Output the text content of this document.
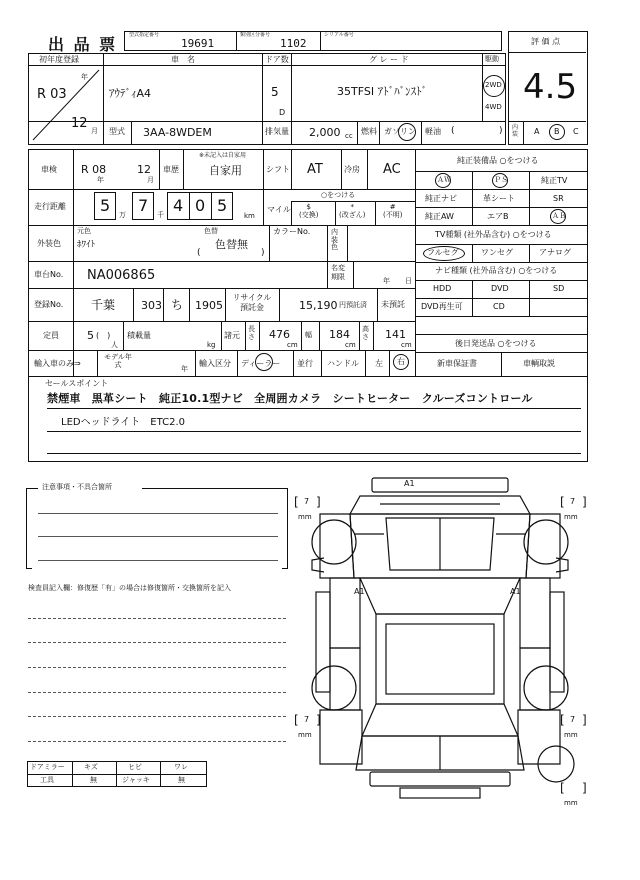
出 品 票 型式指定番号
19691
類別区分番号
1102
シリアル番号
初年度登録
R 03
年
12 月
車　名
ｱｳﾃﾞｨA4
ドア数
5
D
グ レ ー ド
35TFSI ｱﾄﾞﾊﾞﾝｽﾄﾞ
駆動
2WD
4WD
型式 3AA-8WDEM	排気量 2,000 cc 燃料 ガソリン 軽油 (	)
評 価 点
4.5
内装 A B C
車検 R 08
年
12
月
車歴
※未記入は自家用
自家用	シフト AT	冷房 AC
走行距離 5 万 7 千 4 0 5
km
マイル
○をつける
$
(交換)
*
(改ざん)
#
(不明)
外装色
元色
ﾎﾜｲﾄ
色替
色替無
(	)
カラーNo.	内装色
車台No. NA006865	名変期限	年 日
登録No. 千葉 303 ち 1905
リサイクル預託金	15,190 円預託済 未預託
定員	5 (　)
人
積載量
kg
諸元
長さ 476
cm
幅 184
cm
高さ 141
cm
輸入車のみ⇒
モデル年式	年
輸入区分 ディーラー 並行 ハンドル 左 右
純正装備品 ○をつける
ＡＷ	ＰＳ	純正TV
純正ナビ	革シート	SR
純正AW	エアB	ＡＢ
TV種類 (社外品含む) ○をつける
フルセグ	ワンセグ	アナログ
ナビ種類 (社外品含む) ○をつける
HDD	DVD	SD
DVD再生可	CD
後日発送品 ○をつける
新車保証書	車輌取説
セールスポイント
禁煙車　黒革シート　純正10.1型ナビ　全周囲カメラ　シートヒーター　クルーズコントロール
LEDヘッドライト　ETC2.0
注意事項・不具合箇所
検査員記入欄：修復歴「有」の場合は修復箇所・交換箇所を記入
ドアミラー	キズ	ヒビ	ワレ
工具	無	ジャッキ	無
A1
A1	A1
[ 7 ]
mm
[ 7 ]
mm
[ 7 ]
mm
[ 7 ]
mm
[ ]
mm
